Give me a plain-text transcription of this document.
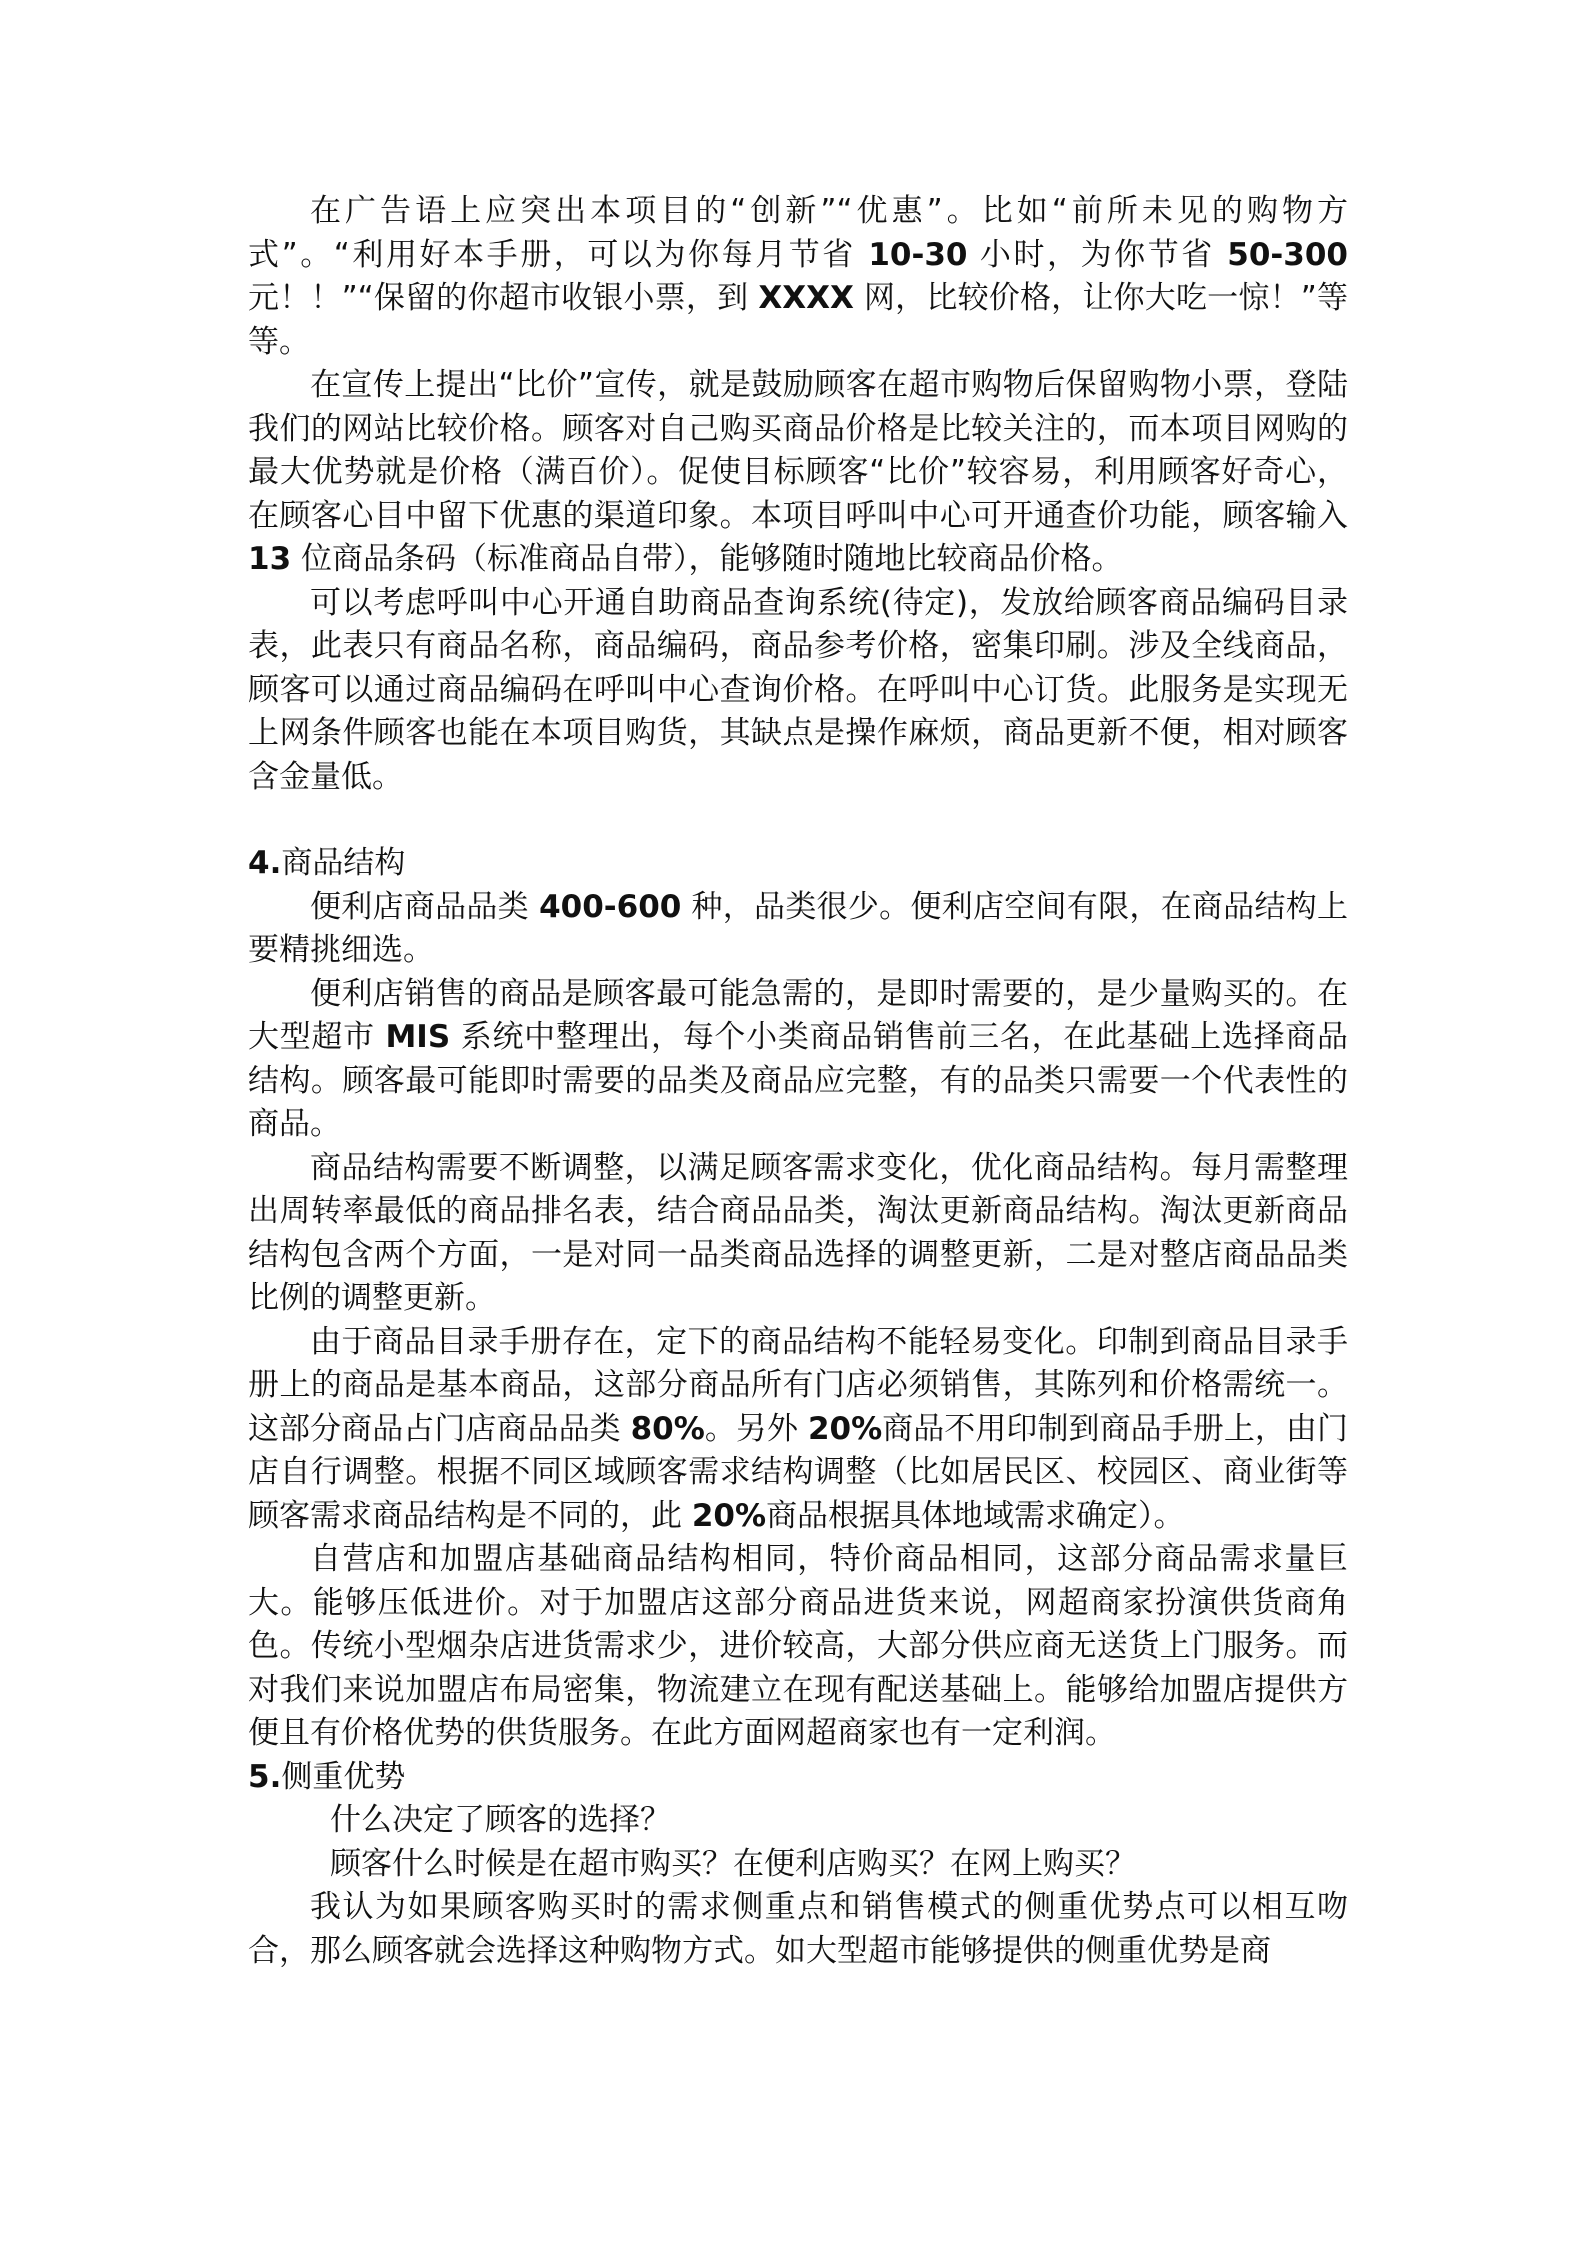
在广告语上应突出本项目的“创新”“优惠”。比如“前所未见的购物方式”。“利用好本手册，可以为你每月节省 10-30 小时，为你节省 50-300 元！！”“保留的你超市收银小票，到 XXXX 网，比较价格，让你大吃一惊！”等等。

在宣传上提出“比价”宣传，就是鼓励顾客在超市购物后保留购物小票，登陆我们的网站比较价格。顾客对自己购买商品价格是比较关注的，而本项目网购的最大优势就是价格（满百价）。促使目标顾客“比价”较容易，利用顾客好奇心，在顾客心目中留下优惠的渠道印象。本项目呼叫中心可开通查价功能，顾客输入 13 位商品条码（标准商品自带），能够随时随地比较商品价格。

可以考虑呼叫中心开通自助商品查询系统(待定)，发放给顾客商品编码目录表，此表只有商品名称，商品编码，商品参考价格，密集印刷。涉及全线商品，顾客可以通过商品编码在呼叫中心查询价格。在呼叫中心订货。此服务是实现无上网条件顾客也能在本项目购货，其缺点是操作麻烦，商品更新不便，相对顾客含金量低。

4.商品结构

便利店商品品类 400-600 种，品类很少。便利店空间有限，在商品结构上要精挑细选。

便利店销售的商品是顾客最可能急需的，是即时需要的，是少量购买的。在大型超市 MIS 系统中整理出，每个小类商品销售前三名，在此基础上选择商品结构。顾客最可能即时需要的品类及商品应完整，有的品类只需要一个代表性的商品。

商品结构需要不断调整，以满足顾客需求变化，优化商品结构。每月需整理出周转率最低的商品排名表，结合商品品类，淘汰更新商品结构。淘汰更新商品结构包含两个方面，一是对同一品类商品选择的调整更新，二是对整店商品品类比例的调整更新。

由于商品目录手册存在，定下的商品结构不能轻易变化。印制到商品目录手册上的商品是基本商品，这部分商品所有门店必须销售，其陈列和价格需统一。这部分商品占门店商品品类 80%。另外 20%商品不用印制到商品手册上，由门店自行调整。根据不同区域顾客需求结构调整（比如居民区、校园区、商业街等顾客需求商品结构是不同的，此 20%商品根据具体地域需求确定）。

自营店和加盟店基础商品结构相同，特价商品相同，这部分商品需求量巨大。能够压低进价。对于加盟店这部分商品进货来说，网超商家扮演供货商角色。传统小型烟杂店进货需求少，进价较高，大部分供应商无送货上门服务。而对我们来说加盟店布局密集，物流建立在现有配送基础上。能够给加盟店提供方便且有价格优势的供货服务。在此方面网超商家也有一定利润。

5.侧重优势

什么决定了顾客的选择？

顾客什么时候是在超市购买？在便利店购买？在网上购买？

我认为如果顾客购买时的需求侧重点和销售模式的侧重优势点可以相互吻合，那么顾客就会选择这种购物方式。如大型超市能够提供的侧重优势是商
